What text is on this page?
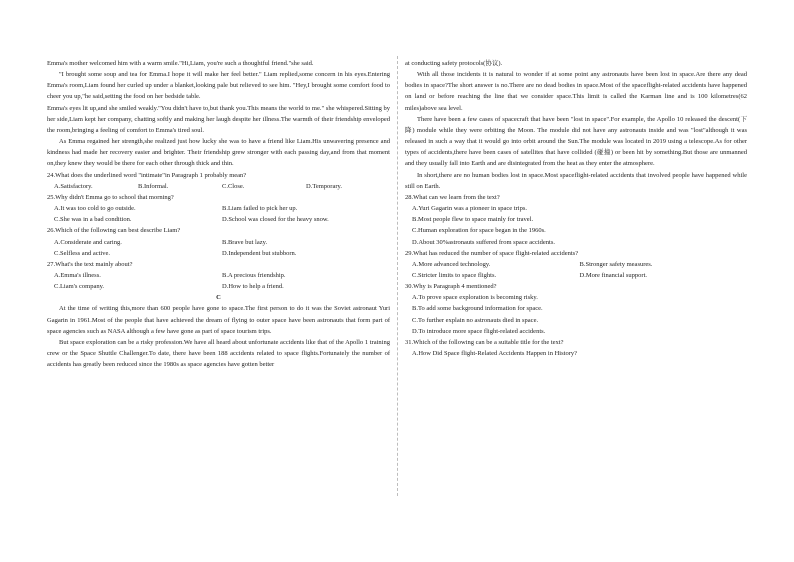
Emma's mother welcomed him with a warm smile."Hi,Liam, you're such a thoughtful friend."she said.

"I brought some soup and tea for Emma.I hope it will make her feel better." Liam replied,some concern in his eyes.Entering Emma's room,Liam found her curled up under a blanket,looking pale but relieved to see him. "Hey,I brought some comfort food to cheer you up,"he said,setting the food on her bedside table.

Emma's eyes lit up,and she smiled weakly."You didn't have to,but thank you.This means the world to me." she whispered.Sitting by her side,Liam kept her company, chatting softly and making her laugh despite her illness.The warmth of their friendship enveloped the room,bringing a feeling of comfort to Emma's tired soul.

As Emma regained her strength,she realized just how lucky she was to have a friend like Liam.His unwavering presence and kindness had made her recovery easier and brighter. Their friendship grew stronger with each passing day,and from that moment on,they knew they would be there for each other through thick and thin.

24.What does the underlined word "intimate"in Paragraph 1 probably mean?

A.Satisfactory.	B.Informal.	C.Close.	D.Temporary.

25.Why didn't Emma go to school that morning?

A.It was too cold to go outside.	B.Liam failed to pick her up.
C.She was in a bad condition.	D.School was closed for the heavy snow.

26.Which of the following can best describe Liam?

A.Considerate and caring.	B.Brave but lazy.
C.Selfless and active.	D.Independent but stubborn.

27.What's the text mainly about?

A.Emma's illness.	B.A precious friendship.
C.Liam's company.	D.How to help a friend.

C

At the time of writing this,more than 600 people have gone to space.The first person to do it was the Soviet astronaut Yuri Gagarin in 1961.Most of the people that have achieved the dream of flying to outer space have been astronauts that form part of space agencies such as NASA although a few have gone as part of space tourism trips.

But space exploration can be a risky profession.We have all heard about unfortunate accidents like that of the Apollo 1 training crew or the Space Shuttle Challenger.To date, there have been 188 accidents related to space flights.Fortunately the number of accidents has greatly been reduced since the 1980s as space agencies have gotten better

at conducting safety protocols(协议).

With all those incidents it is natural to wonder if at some point any astronauts have been lost in space.Are there any dead bodies in space?The short answer is no.There are no dead bodies in space.Most of the spaceflight-related accidents have happened on land or before reaching the line that we consider space.This limit is called the Karman line and is 100 kilometres(62 miles)above sea level.

There have been a few cases of spacecraft that have been "lost in space".For example, the Apollo 10 released the descent(下降) module while they were orbiting the Moon. The module did not have any astronauts inside and was "lost"although it was released in such a way that it would go into orbit around the Sun.The module was located in 2019 using a telescope.As for other types of accidents,there have been cases of satellites that have collided (碰撞) or been hit by something.But those are unmanned and they usually fall into Earth and are disintegrated from the heat as they enter the atmosphere.

In short,there are no human bodies lost in space.Most spaceflight-related accidents that involved people have happened while still on Earth.

28.What can we learn from the text?

A.Yuri Gagarin was a pioneer in space trips.

B.Most people flew to space mainly for travel.

C.Human exploration for space began in the 1960s.

D.About 30%astronauts suffered from space accidents.

29.What has reduced the number of space flight-related accidents?

A.More advanced technology.	B.Stronger safety measures.
C.Stricter limits to space flights.	D.More financial support.

30.Why is Paragraph 4 mentioned?

A.To prove space exploration is becoming risky.

B.To add some background information for space.

C.To further explain no astronauts died in space.

D.To introduce more space flight-related accidents.

31.Which of the following can be a suitable title for the text?

A.How Did Space flight-Related Accidents Happen in History?
